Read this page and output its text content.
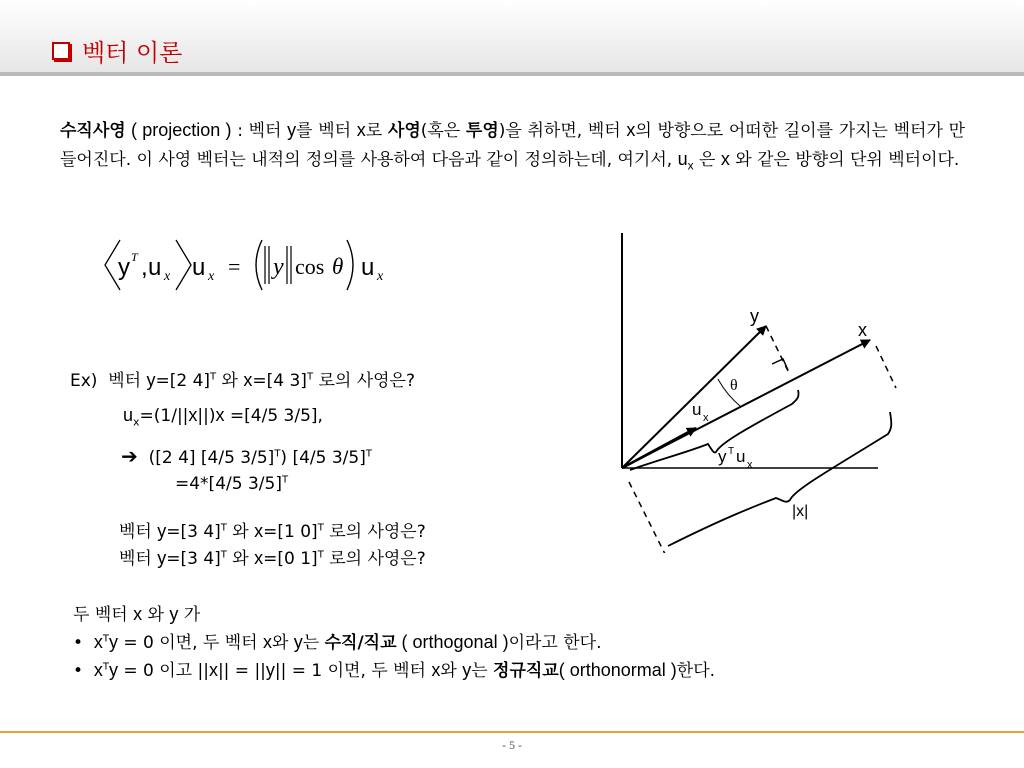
벡터 이론
수직사영 ( projection ) : 벡터 y를 벡터 x로 사영(혹은 투영)을 취하면, 벡터 x의 방향으로 어떠한 길이를 가지는 벡터가 만들어진다. 이 사영 벡터는 내적의 정의를 사용하여 다음과 같이 정의하는데, 여기서, $u_x$ 은 x 와 같은 방향의 단위 벡터이다.
y T , u x u x = y cos θ u x
Ex) 벡터 y=[2 4]$^T$ 와 x=[4 3]$^T$ 로의 사영은?
$u_x=(1/||x||)x =[4/5$ 3/5],
➔ ([2 4] [4/5 3/5]$^T$) [4/5 3/5]$^T$
=4*[4/5 3/5]$^T$
벡터 y=[3 4]$^T$ 와 x=[1 0]$^T$ 로의 사영은?
벡터 y=[3 4]$^T$ 와 x=[0 1]$^T$ 로의 사영은?
두 벡터 x 와 y 가
• $x^Ty = 0$ 이면, 두 벡터 x와 y는 수직/직교 ( orthogonal )이라고 한다.
• $x^Ty = 0$ 이고 ||x|| = ||y|| = 1 이면, 두 벡터 x와 y는 정규직교( orthonormal )한다.
y
x
θ
u x
y T u x
|x|
- 5 -
